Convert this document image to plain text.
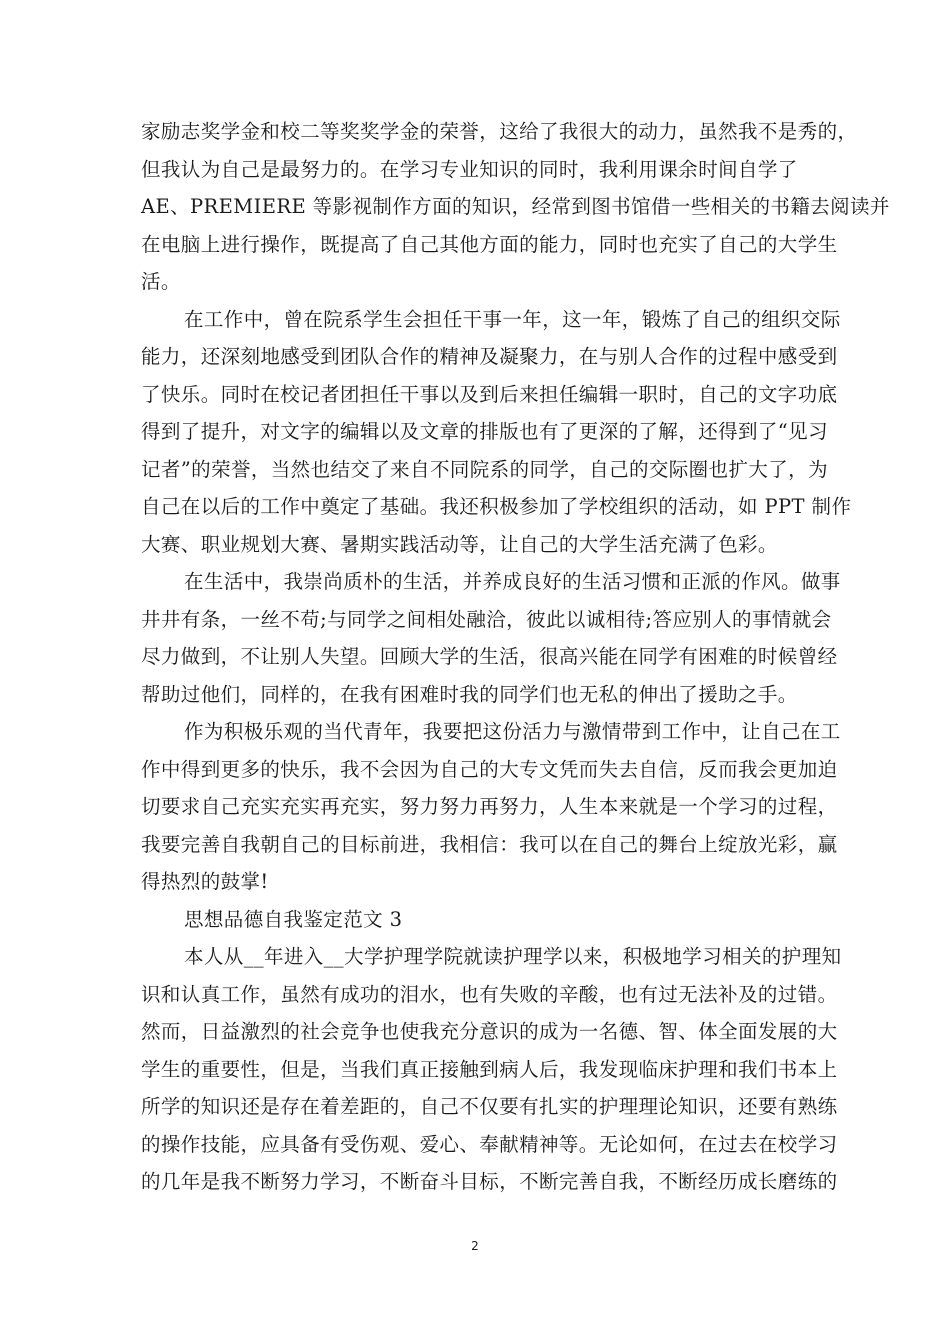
家励志奖学金和校二等奖奖学金的荣誉，这给了我很大的动力，虽然我不是秀的，
但我认为自己是最努力的。在学习专业知识的同时，我利用课余时间自学了
AE、PREMIERE 等影视制作方面的知识，经常到图书馆借一些相关的书籍去阅读并
在电脑上进行操作，既提高了自己其他方面的能力，同时也充实了自己的大学生
活。
在工作中，曾在院系学生会担任干事一年，这一年，锻炼了自己的组织交际
能力，还深刻地感受到团队合作的精神及凝聚力，在与别人合作的过程中感受到
了快乐。同时在校记者团担任干事以及到后来担任编辑一职时，自己的文字功底
得到了提升，对文字的编辑以及文章的排版也有了更深的了解，还得到了“见习
记者”的荣誉，当然也结交了来自不同院系的同学，自己的交际圈也扩大了，为
自己在以后的工作中奠定了基础。我还积极参加了学校组织的活动，如 PPT 制作
大赛、职业规划大赛、暑期实践活动等，让自己的大学生活充满了色彩。
在生活中，我崇尚质朴的生活，并养成良好的生活习惯和正派的作风。做事
井井有条，一丝不苟;与同学之间相处融洽，彼此以诚相待;答应别人的事情就会
尽力做到，不让别人失望。回顾大学的生活，很高兴能在同学有困难的时候曾经
帮助过他们，同样的，在我有困难时我的同学们也无私的伸出了援助之手。
作为积极乐观的当代青年，我要把这份活力与激情带到工作中，让自己在工
作中得到更多的快乐，我不会因为自己的大专文凭而失去自信，反而我会更加迫
切要求自己充实充实再充实，努力努力再努力，人生本来就是一个学习的过程，
我要完善自我朝自己的目标前进，我相信：我可以在自己的舞台上绽放光彩，赢
得热烈的鼓掌!
思想品德自我鉴定范文 3
本人从__年进入__大学护理学院就读护理学以来，积极地学习相关的护理知
识和认真工作，虽然有成功的泪水，也有失败的辛酸，也有过无法补及的过错。
然而，日益激烈的社会竞争也使我充分意识的成为一名德、智、体全面发展的大
学生的重要性，但是，当我们真正接触到病人后，我发现临床护理和我们书本上
所学的知识还是存在着差距的，自己不仅要有扎实的护理理论知识，还要有熟练
的操作技能，应具备有受伤观、爱心、奉献精神等。无论如何，在过去在校学习
的几年是我不断努力学习，不断奋斗目标，不断完善自我，不断经历成长磨练的
2
